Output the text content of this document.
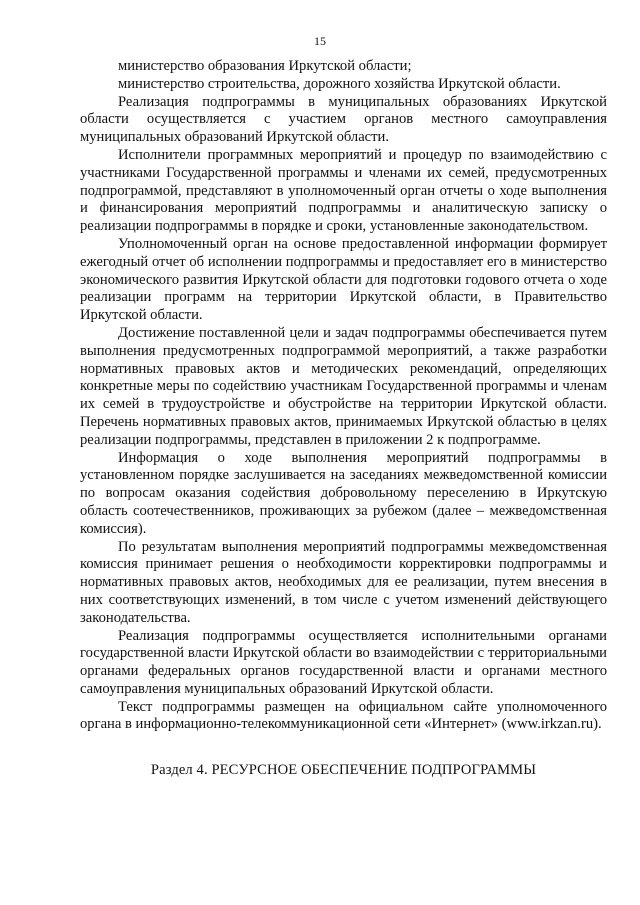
15

министерство образования Иркутской области;

министерство строительства, дорожного хозяйства Иркутской области.

Реализация подпрограммы в муниципальных образованиях Иркутской области осуществляется с участием органов местного самоуправления муниципальных образований Иркутской области.

Исполнители программных мероприятий и процедур по взаимодействию с участниками Государственной программы и членами их семей, предусмотренных подпрограммой, представляют в уполномоченный орган отчеты о ходе выполнения и финансирования мероприятий подпрограммы и аналитическую записку о реализации подпрограммы в порядке и сроки, установленные законодательством.

Уполномоченный орган на основе предоставленной информации формирует ежегодный отчет об исполнении подпрограммы и предоставляет его в министерство экономического развития Иркутской области для подготовки годового отчета о ходе реализации программ на территории Иркутской области, в Правительство Иркутской области.

Достижение поставленной цели и задач подпрограммы обеспечивается путем выполнения предусмотренных подпрограммой мероприятий, а также разработки нормативных правовых актов и методических рекомендаций, определяющих конкретные меры по содействию участникам Государственной программы и членам их семей в трудоустройстве и обустройстве на территории Иркутской области. Перечень нормативных правовых актов, принимаемых Иркутской областью в целях реализации подпрограммы, представлен в приложении 2 к подпрограмме.

Информация о ходе выполнения мероприятий подпрограммы в установленном порядке заслушивается на заседаниях межведомственной комиссии по вопросам оказания содействия добровольному переселению в Иркутскую область соотечественников, проживающих за рубежом (далее – межведомственная комиссия).

По результатам выполнения мероприятий подпрограммы межведомственная комиссия принимает решения о необходимости корректировки подпрограммы и нормативных правовых актов, необходимых для ее реализации, путем внесения в них соответствующих изменений, в том числе с учетом изменений действующего законодательства.

Реализация подпрограммы осуществляется исполнительными органами государственной власти Иркутской области во взаимодействии с территориальными органами федеральных органов государственной власти и органами местного самоуправления муниципальных образований Иркутской области.

Текст подпрограммы размещен на официальном сайте уполномоченного органа в информационно-телекоммуникационной сети «Интернет» (www.irkzan.ru).

Раздел 4. РЕСУРСНОЕ ОБЕСПЕЧЕНИЕ ПОДПРОГРАММЫ
